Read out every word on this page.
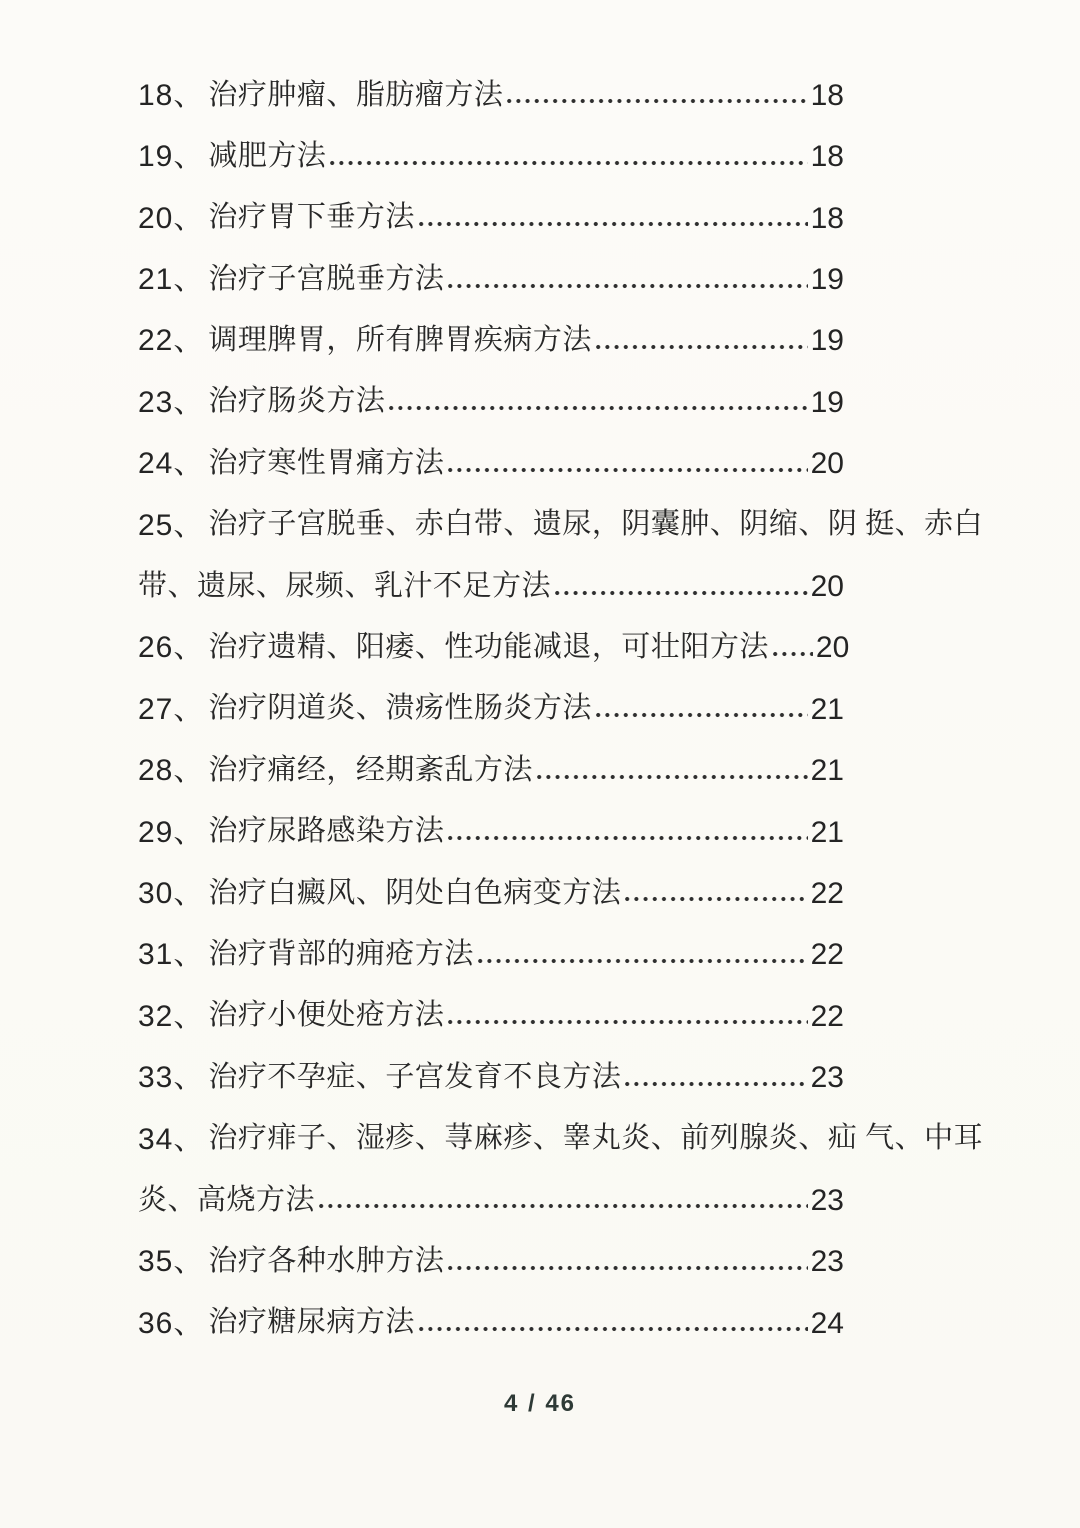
18、 治疗肿瘤、脂肪瘤方法	18
19、 减肥方法	18
20、 治疗胃下垂方法	18
21、 治疗子宫脱垂方法	19
22、 调理脾胃，所有脾胃疾病方法	19
23、 治疗肠炎方法	19
24、 治疗寒性胃痛方法	20
25、 治疗子宫脱垂、赤白带、遗尿，阴囊肿、阴缩、阴 挺、赤白
带、遗尿、尿频、乳汁不足方法	20
26、 治疗遗精、阳痿、性功能减退，可壮阳方法 20
27、 治疗阴道炎、溃疡性肠炎方法	21
28、 治疗痛经，经期紊乱方法	21
29、 治疗尿路感染方法	21
30、 治疗白癜风、阴处白色病变方法	22
31、 治疗背部的痈疮方法	22
32、 治疗小便处疮方法	22
33、 治疗不孕症、子宫发育不良方法	23
34、 治疗痱子、湿疹、荨麻疹、睾丸炎、前列腺炎、疝 气、中耳
炎、高烧方法	23
35、 治疗各种水肿方法	23
36、 治疗糖尿病方法	24
4 / 46
